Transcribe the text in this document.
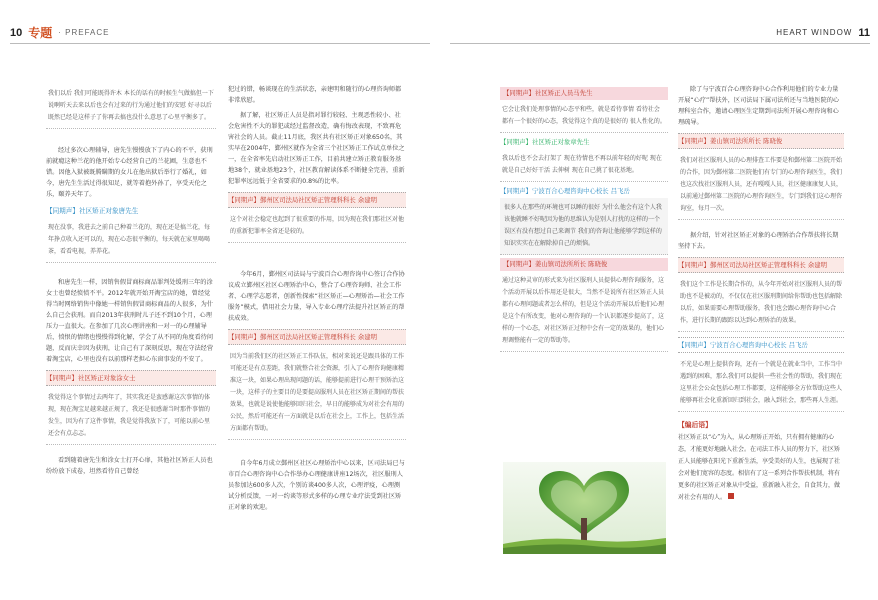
10 专题 · PREFACE	HEART WINDOW 11
我们以后 我们可能既得许木 本长的话有的时候生气做搞但一下说啊听天去来以后也会有过来的行为通过他们的安慰 好寻以后 既然已经是这样子了你再去搞也没什么意思了心里平衡多了。

经过多次心理辅导，唐先生慢慢放下了内心的不平，获刑前就瘾这种兰花的他开始专心经营自己的兰花圃，生意也不错。因他入狱被既腾瞒期的女儿在他出狱后举行了婚礼，如今，唐先生生活过得很知足，就等着抱外孙了，享受天伦之乐，颐养天年了。

【同期声】社区矫正对象唐先生
现在没事，我进去之前自己种着兰花的，现在还是搞兰花，每年挣点收入还可以的，现在心态很平衡的，每天就在家里喝喝茶，看看电视，养养花。

和唐先生一样，因销售假冒商标商品罪判处缓刑三年的涂女士也曾经愤愤不平。2012年就开始开淘宝店的她，曾经觉得当时网络销售中像她一样销售假冒商标商品的人很多，为什么自己会获刑。而自2013年获刑时儿子还不到10个月，心理压力一直很大。在参加了几次心理讲座和一对一的心理辅导后，愤恨的情绪也慢慢得到化解，学会了从不同的角度看待问题，反而庆幸因为获刑，让自己有了深刻反思，现在守法经营着淘宝店，心里也没有以前那样老担心东窗事发的不安了。

【同期声】社区矫正对象涂女士
我觉得这个事情过去两年了，其实我还是蛮感谢这次事情的体现，现在淘宝足越来越正规了，我还是很感谢当时那件事情的发生，因为有了这件事情，我是觉得我放下了，可能以前心里还会有点忐忑。

看到随着唐先生和涂女士打开心扉，其他社区矫正人员也纷纷放下成卷，坦然看待自己曾经

犯过的错，畅谈现在的生活状态，亲建明和随行的心理咨询师都非常欣慰。

据了解，社区矫正人员是指对罪行较轻、主观恶性较小、社会危害性不大的罪犯或经过监督改造，确有悔改表现，不致再危害社会的人员。截止11月底，我区共有社区矫正对象650名，其实早在2004年，鄞州区就作为全省三个社区矫正工作试点单位之一，在全省率先启动社区矫正工作，目前共建立矫正教育服务基地38个，就业基地23个，社区教育解读体系不断健全完善，重新犯罪率远远低于全省要求的0.8%的比率。

【同期声】鄞州区司法局社区矫正管理科科长 余建明
这个对社会稳定也起到了很重要的作用，因为现在我们那社区对他的重新犯罪率全省还是较的。

今年6月，鄞州区司法局与宁波百合心理咨询中心签订合作协议成立鄞州区社区心理矫治中心，整合了心理咨询师、社会工作者、心理学志愿者，创新性探索“社区矫正—心理矫治—社会工作服务”模式，借用社会力量，导入专业心理疗法提升社区矫正的帮扶成效。

【同期声】鄞州区司法局社区矫正管理科科长 余建明
因为当前我们区的社区矫正工作队伍，相对来说还是跟具体的工作可能还是有点差距，我们就整合社会资源，引入了心理咨询健康精准这一块，如果心理出现问题的话，能够提前进行心理干预矫治这一块，这样子的主要目的是要提高服刑人员在社区矫正期间的帮扶效果，也就是说使他能够回归社会，早日的能够成为对社会有用的公民，然后可能还有一方面就是以后在社会上，工作上，包括生活方面都有帮助。

自今年6月成立鄞州区社区心理矫治中心以来，区司法局已与市百合心理咨询中心合作举办心理健康讲座12场次，社区服刑人员参加达600多人次，个别访谈400多人次，心理评疫，心理测试分析反馈，一对一约谈等形式多样的心理专业疗法受到社区矫正对象的欢迎。

【同期声】社区矫正人员马先生
它会让我们处理事情的心态平和些，就是看待事情 看待社会 都有一个很好的心态，我觉得这个真的是很好的 很人性化的。
【同期声】社区矫正对象章先生
我以后也不会去打架了 现在待情也不再以前年轻的好呢 现在就是自己好好干活 去伸树 现在自己挑了很花基地。
【同期声】宁波百合心理咨询中心校长 吕飞岳
很多人在那些的环境也可以睡的很好 为什么他会有这个人我该他就睡不好呢因为他的思维认为是别人打扰的这样的一个误区有没有想过自己来调节 我们的咨询让他能够学到这样的知识实实在在解除掉自己的烦恼。
【同期声】姜山镇司法所所长 陈晓俊
通过这种灵审的形式来为社区服刑人员提供心理咨询服务，这个活动开展以后作用还是很大，当然不是说所有社区矫正人员都有心理问题或者怎么样的，但是这个活动开展以后他们心理是这个有所改变，他对心理咨询的一个认识都逐步提高了，这样的一个心态，对社区矫正过程中会有一定的效果的，他们心理调整能有一定的帮助等。

除了与宁波百合心理咨询中心合作利用他们的专业力量开展“心疗”帮扶外，区司法局下属司法所还与当地医院的心理科室合作，邀请心理医生定期到司法所开展心理咨询和心理疏导。

【同期声】姜山镇司法所所长 陈晓俊
我们对社区服刑人员的心理排查工作要是和鄞州第二医院开始的合作，因为鄞州第二医院他们有专门的心理咨询医生，我们也这次找社区服刑人员，还有嘎嘎人员，社区健康康复人员，以前通过鄞州第二医院的心理咨询医生，专门到我们这心理咨询室，每月一次。

据介绍，针对社区矫正对象的心理矫治合作帮扶将长期坚持下去。

【同期声】鄞州区司法局社区矫正管理科科长 余建明
我们这个工作是长期合作的，从今年开始对社区服刑人员的帮助也不是被动的，不仅仅在社区服刑期间给你帮助也包括解除以后，如果需要心理帮助服务，我们也会跟心理咨询中心合作，进行长期的跟踪以达到心理矫治的效果。
【同期声】宁波百合心理咨询中心校长 吕飞岳
不光是心理上提供咨询，还有一个就是在就业当中，工作当中遇到的困难，那么我们可以提供一些社会性的帮助，我们现在这里社会公众包括心理工作都要，这样能够全方位帮助这些人能够再社会化重新回归到社会，融入到社会，那些再人生涯。
【编后语】
社区矫正以“心”为入，从心理矫正开始，只有拥有健康的心态，才能更好地融入社会。在司法工作人员的努力下，社区矫正人员能够在阳光下重新生活，享受美好的人生，也展现了社会对他们宽容的态度。相信有了这一系列合作帮扶机制，将有更多的社区矫正对象从中受益，重新融入社会，自食其力，做对社会有用的人。
